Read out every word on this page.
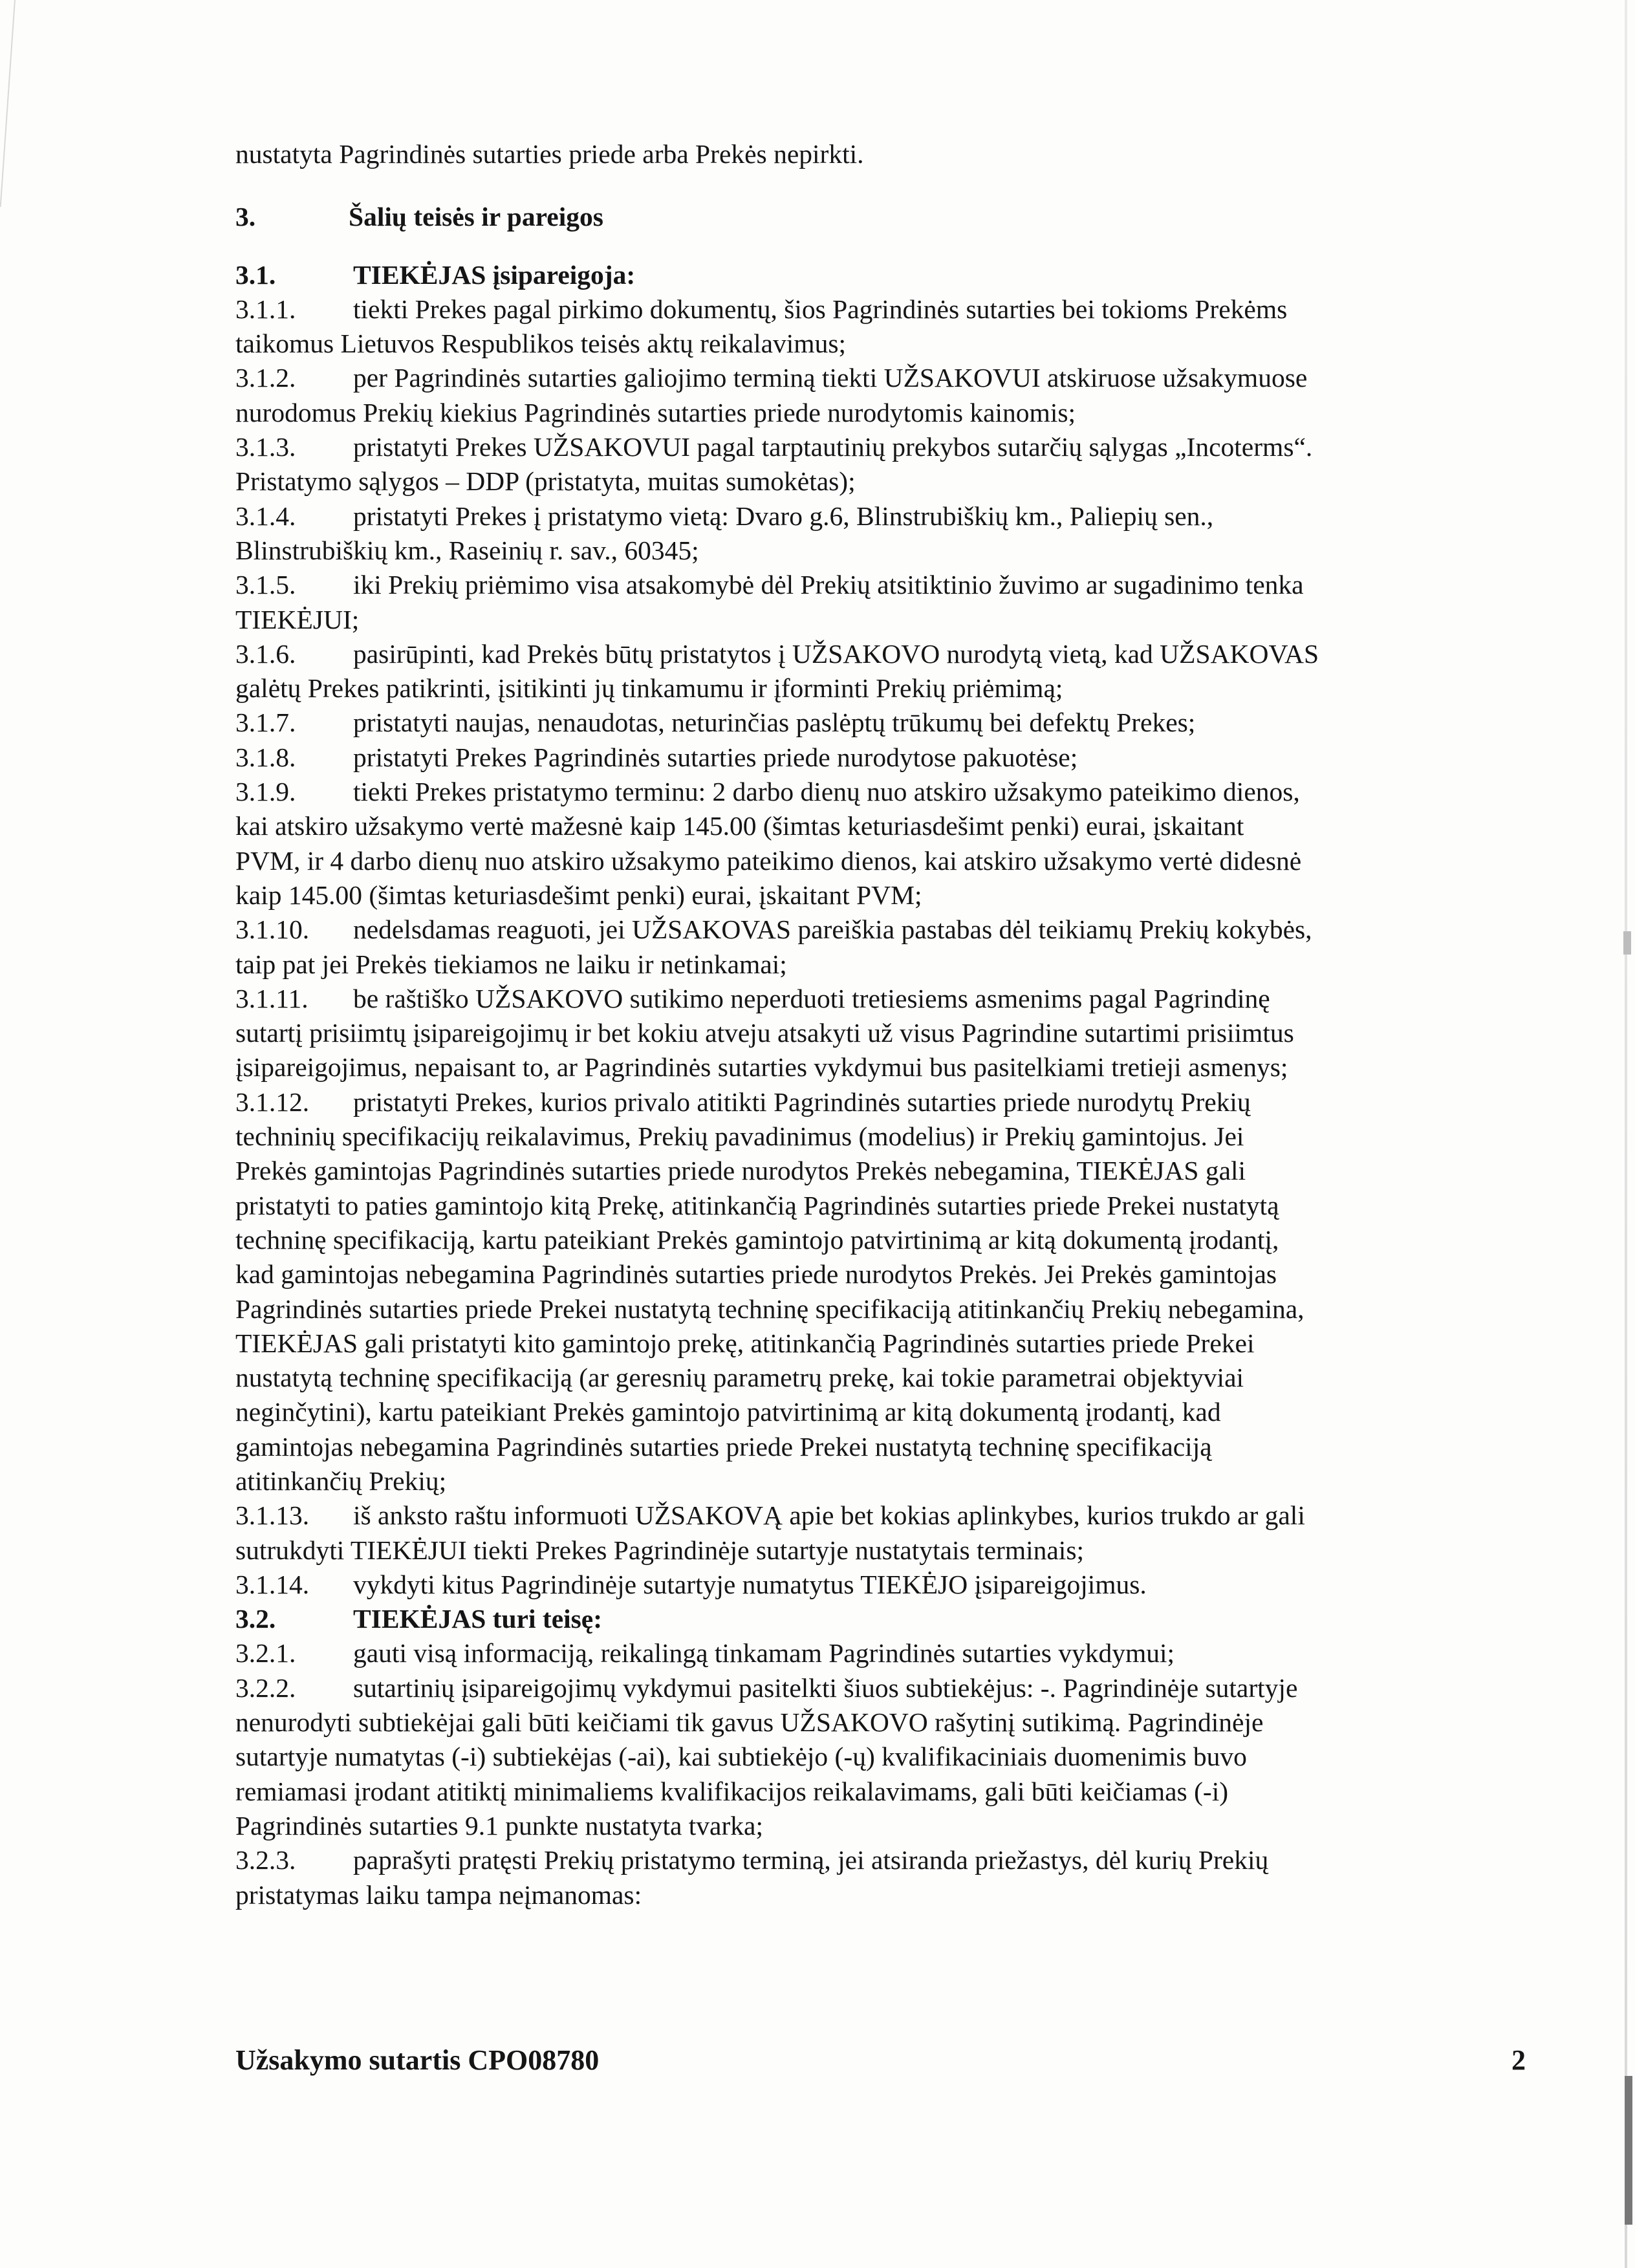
nustatyta Pagrindinės sutarties priede arba Prekės nepirkti.
3.	Šalių teisės ir pareigos
3.1.	TIEKĖJAS įsipareigoja:
3.1.1. tiekti Prekes pagal pirkimo dokumentų, šios Pagrindinės sutarties bei tokioms Prekėms
taikomus Lietuvos Respublikos teisės aktų reikalavimus;
3.1.2. per Pagrindinės sutarties galiojimo terminą tiekti UŽSAKOVUI atskiruose užsakymuose
nurodomus Prekių kiekius Pagrindinės sutarties priede nurodytomis kainomis;
3.1.3. pristatyti Prekes UŽSAKOVUI pagal tarptautinių prekybos sutarčių sąlygas „Incoterms“.
Pristatymo sąlygos – DDP (pristatyta, muitas sumokėtas);
3.1.4. pristatyti Prekes į pristatymo vietą: Dvaro g.6, Blinstrubiškių km., Paliepių sen.,
Blinstrubiškių km., Raseinių r. sav., 60345;
3.1.5. iki Prekių priėmimo visa atsakomybė dėl Prekių atsitiktinio žuvimo ar sugadinimo tenka
TIEKĖJUI;
3.1.6. pasirūpinti, kad Prekės būtų pristatytos į UŽSAKOVO nurodytą vietą, kad UŽSAKOVAS
galėtų Prekes patikrinti, įsitikinti jų tinkamumu ir įforminti Prekių priėmimą;
3.1.7. pristatyti naujas, nenaudotas, neturinčias paslėptų trūkumų bei defektų Prekes;
3.1.8. pristatyti Prekes Pagrindinės sutarties priede nurodytose pakuotėse;
3.1.9. tiekti Prekes pristatymo terminu: 2 darbo dienų nuo atskiro užsakymo pateikimo dienos,
kai atskiro užsakymo vertė mažesnė kaip 145.00 (šimtas keturiasdešimt penki) eurai, įskaitant
PVM, ir 4 darbo dienų nuo atskiro užsakymo pateikimo dienos, kai atskiro užsakymo vertė didesnė
kaip 145.00 (šimtas keturiasdešimt penki) eurai, įskaitant PVM;
3.1.10. nedelsdamas reaguoti, jei UŽSAKOVAS pareiškia pastabas dėl teikiamų Prekių kokybės,
taip pat jei Prekės tiekiamos ne laiku ir netinkamai;
3.1.11. be raštiško UŽSAKOVO sutikimo neperduoti tretiesiems asmenims pagal Pagrindinę
sutartį prisiimtų įsipareigojimų ir bet kokiu atveju atsakyti už visus Pagrindine sutartimi prisiimtus
įsipareigojimus, nepaisant to, ar Pagrindinės sutarties vykdymui bus pasitelkiami tretieji asmenys;
3.1.12. pristatyti Prekes, kurios privalo atitikti Pagrindinės sutarties priede nurodytų Prekių
techninių specifikacijų reikalavimus, Prekių pavadinimus (modelius) ir Prekių gamintojus. Jei
Prekės gamintojas Pagrindinės sutarties priede nurodytos Prekės nebegamina, TIEKĖJAS gali
pristatyti to paties gamintojo kitą Prekę, atitinkančią Pagrindinės sutarties priede Prekei nustatytą
techninę specifikaciją, kartu pateikiant Prekės gamintojo patvirtinimą ar kitą dokumentą įrodantį,
kad gamintojas nebegamina Pagrindinės sutarties priede nurodytos Prekės. Jei Prekės gamintojas
Pagrindinės sutarties priede Prekei nustatytą techninę specifikaciją atitinkančių Prekių nebegamina,
TIEKĖJAS gali pristatyti kito gamintojo prekę, atitinkančią Pagrindinės sutarties priede Prekei
nustatytą techninę specifikaciją (ar geresnių parametrų prekę, kai tokie parametrai objektyviai
neginčytini), kartu pateikiant Prekės gamintojo patvirtinimą ar kitą dokumentą įrodantį, kad
gamintojas nebegamina Pagrindinės sutarties priede Prekei nustatytą techninę specifikaciją
atitinkančių Prekių;
3.1.13. iš anksto raštu informuoti UŽSAKOVĄ apie bet kokias aplinkybes, kurios trukdo ar gali
sutrukdyti TIEKĖJUI tiekti Prekes Pagrindinėje sutartyje nustatytais terminais;
3.1.14. vykdyti kitus Pagrindinėje sutartyje numatytus TIEKĖJO įsipareigojimus.
3.2.	TIEKĖJAS turi teisę:
3.2.1. gauti visą informaciją, reikalingą tinkamam Pagrindinės sutarties vykdymui;
3.2.2. sutartinių įsipareigojimų vykdymui pasitelkti šiuos subtiekėjus: -. Pagrindinėje sutartyje
nenurodyti subtiekėjai gali būti keičiami tik gavus UŽSAKOVO rašytinį sutikimą. Pagrindinėje
sutartyje numatytas (-i) subtiekėjas (-ai), kai subtiekėjo (-ų) kvalifikaciniais duomenimis buvo
remiamasi įrodant atitiktį minimaliems kvalifikacijos reikalavimams, gali būti keičiamas (-i)
Pagrindinės sutarties 9.1 punkte nustatyta tvarka;
3.2.3. paprašyti pratęsti Prekių pristatymo terminą, jei atsiranda priežastys, dėl kurių Prekių
pristatymas laiku tampa neįmanomas:
Užsakymo sutartis CPO08780	2
